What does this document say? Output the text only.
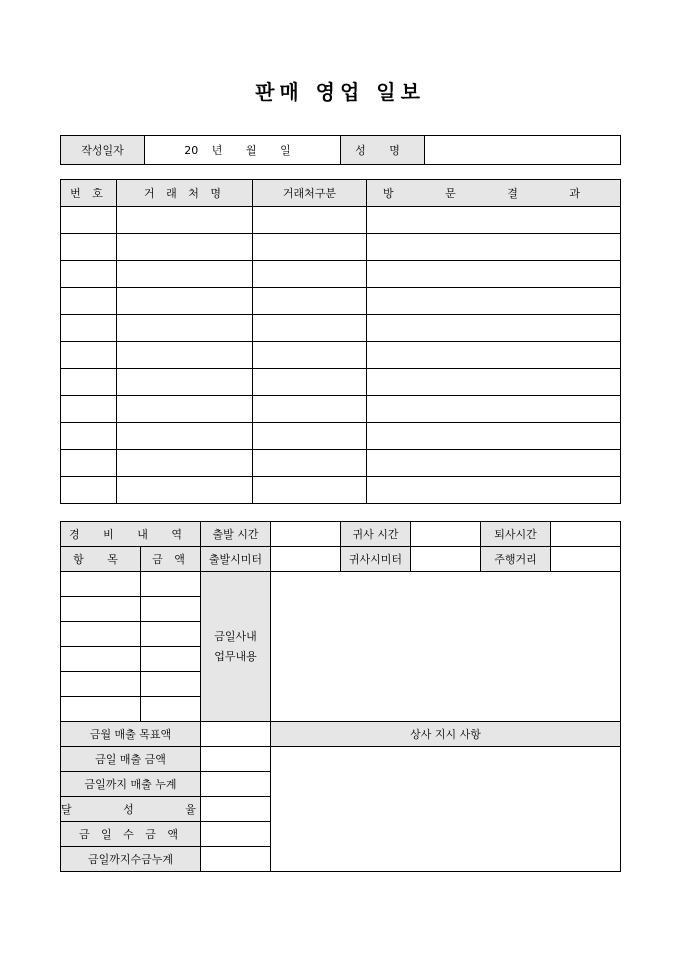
판매 영업 일보
작성일자	20 년 월 일	성 명	
번 호	거 래 처 명	거래처구분	방 문 결 과

경 비 내 역		출발 시간		귀사 시간		퇴사시간	
항 목	금 액	출발시미터		귀사시미터		주행거리	
		금일사내
업무내용					

금월 매출 목표액			상사 지시 사항				
금일 매출 금액							
금일까지 매출 누계							
달 성 율							
금 일 수 금 액							
금일까지수금누계							
